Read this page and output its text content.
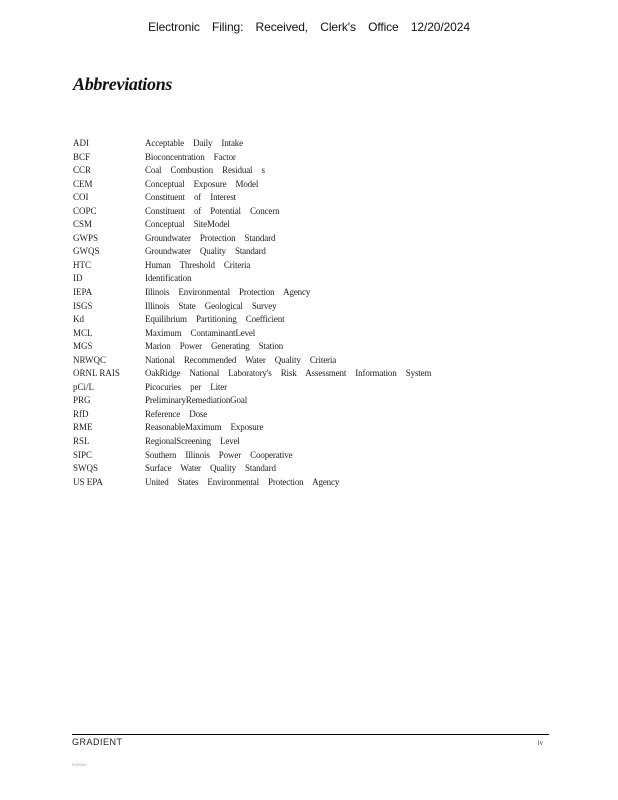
Electronic Filing: Received, Clerk's Office 12/20/2024
Abbreviations
ADI	Acceptable Daily Intake
BCF	Bioconcentration Factor
CCR	Coal Combustion Residual s
CEM	Conceptual Exposure Model
COI	Constituent of Interest
COPC	Constituent of Potential Concern
CSM	Conceptual SiteModel
GWPS	Groundwater Protection Standard
GWQS	Groundwater Quality Standard
HTC	Human Threshold Criteria
ID	Identification
IEPA	Illinois Environmental Protection Agency
ISGS	Illinois State Geological Survey
Kd	Equilibrium Partitioning Coefficient
MCL	Maximum ContaminantLevel
MGS	Marion Power Generating Station
NRWQC	National Recommended Water Quality Criteria
ORNL RAIS	OakRidge National Laboratory's Risk Assessment Information System
pCi/L	Picocuries per Liter
PRG	PreliminaryRemediationGoal
RfD	Reference Dose
RME	ReasonableMaximum Exposure
RSL	RegionalScreening Level
SIPC	Southern Illinois Power Cooperative
SWQS	Surface Water Quality Standard
US EPA	United States Environmental Protection Agency
GRADIENT	iv
K22094...
